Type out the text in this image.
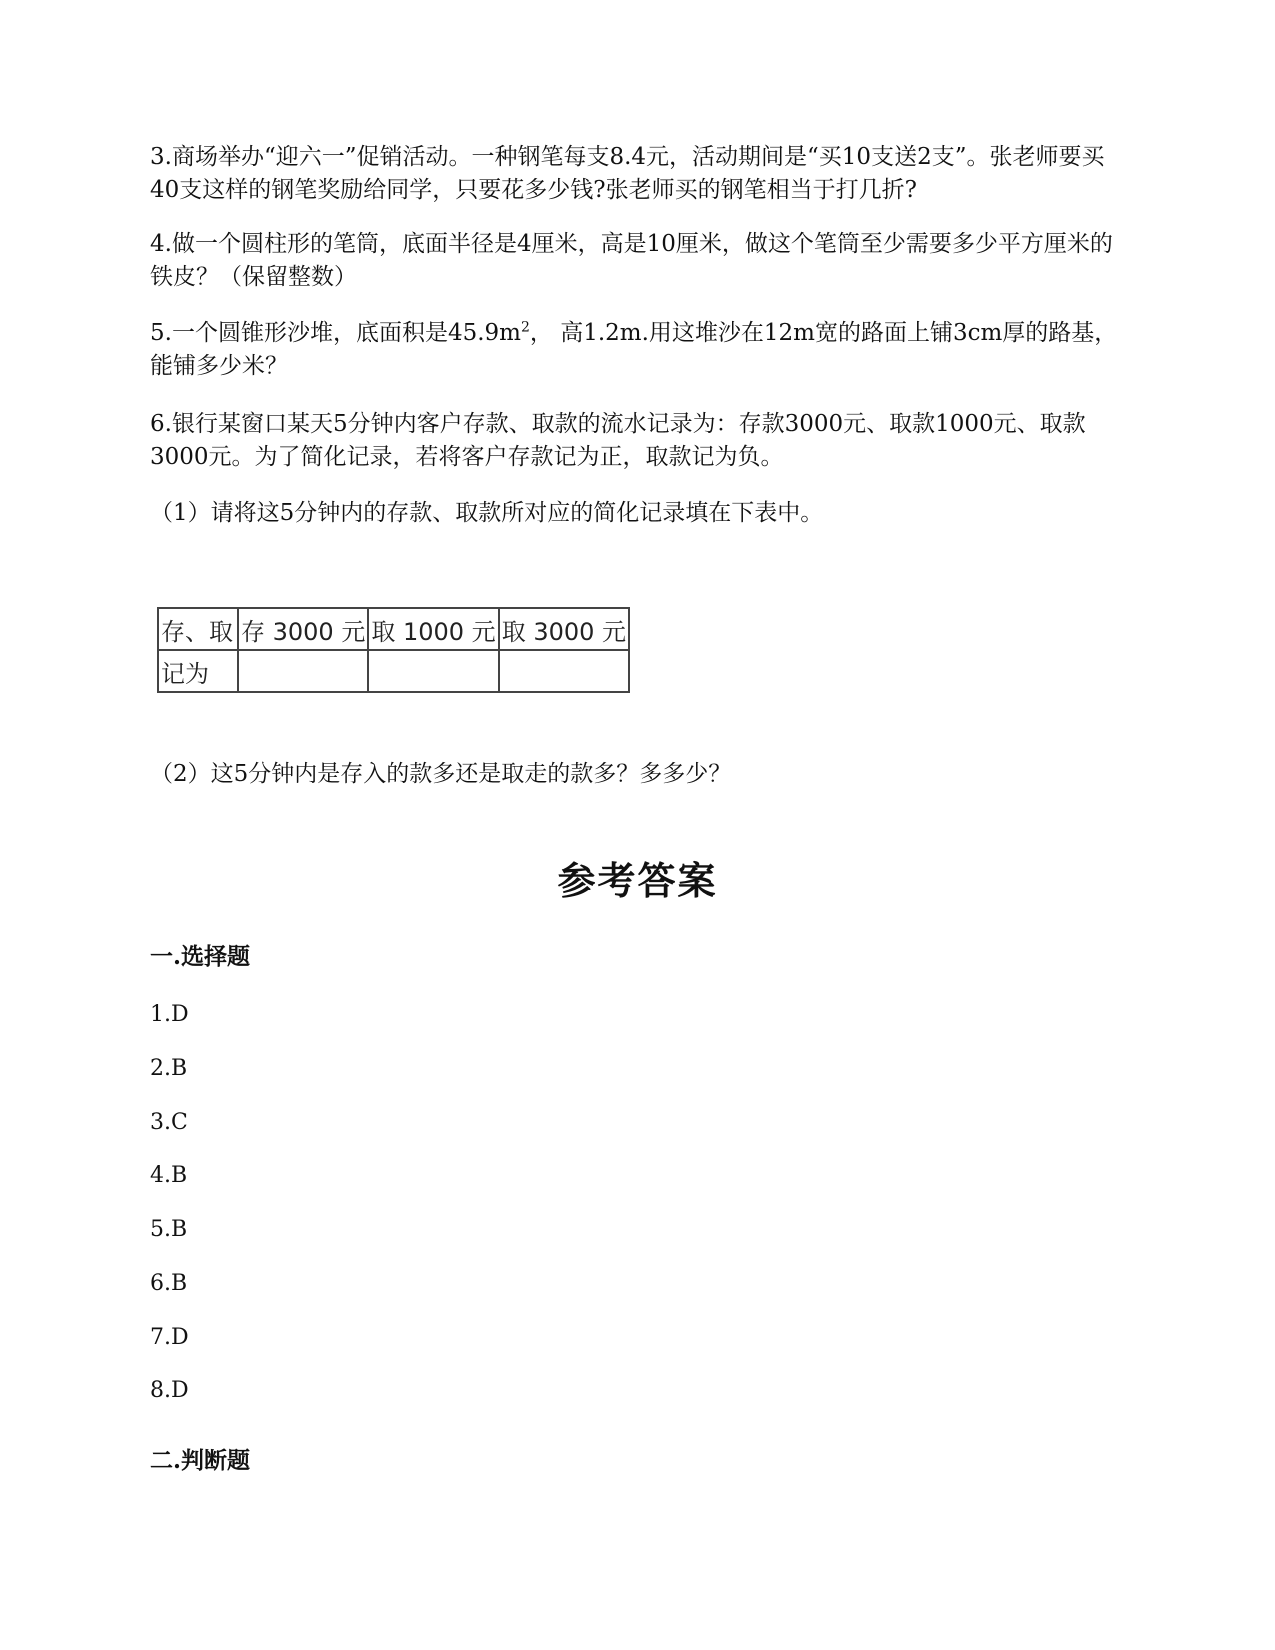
3.商场举办“迎六一”促销活动。一种钢笔每支8.4元，活动期间是“买10支送2支”。张老师要买40支这样的钢笔奖励给同学，只要花多少钱?张老师买的钢笔相当于打几折?

4.做一个圆柱形的笔筒，底面半径是4厘米，高是10厘米，做这个笔筒至少需要多少平方厘米的铁皮？（保留整数）

5.一个圆锥形沙堆，底面积是$45.9m^2$， 高1.2m.用这堆沙在12m宽的路面上铺3cm厚的路基，能铺多少米？

6.银行某窗口某天5分钟内客户存款、取款的流水记录为：存款3000元、取款1000元、取款3000元。为了简化记录，若将客户存款记为正，取款记为负。

（1）请将这5分钟内的存款、取款所对应的简化记录填在下表中。

存、取	存 3000 元	取 1000 元	取 3000 元
记为			

（2）这5分钟内是存入的款多还是取走的款多？多多少？

参考答案

一.选择题

1.D

2.B

3.C

4.B

5.B

6.B

7.D

8.D

二.判断题
